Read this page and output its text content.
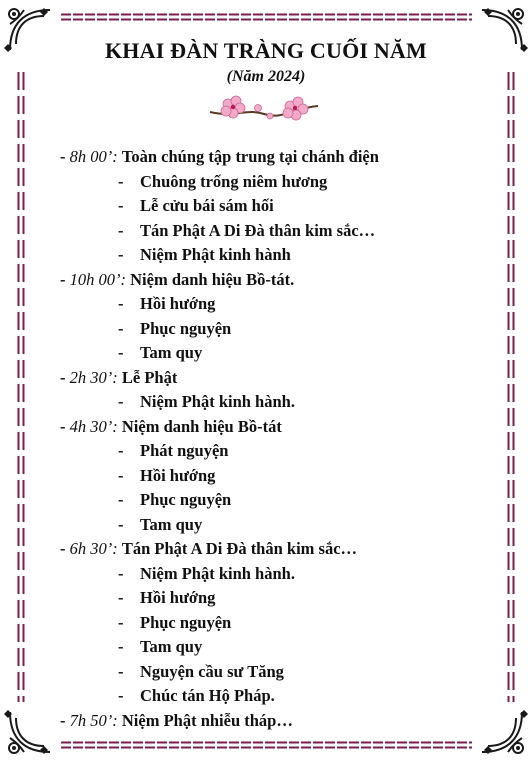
KHAI ĐÀN TRÀNG CUỐI NĂM
(Năm 2024)
- 8h 00’: Toàn chúng tập trung tại chánh điện
- Chuông trống niêm hương
- Lễ cửu bái sám hối
- Tán Phật A Di Đà thân kim sắc…
- Niệm Phật kinh hành
- 10h 00’: Niệm danh hiệu Bồ-tát.
- Hồi hướng
- Phục nguyện
- Tam quy
- 2h 30’: Lễ Phật
- Niệm Phật kinh hành.
- 4h 30’: Niệm danh hiệu Bồ-tát
- Phát nguyện
- Hồi hướng
- Phục nguyện
- Tam quy
- 6h 30’: Tán Phật A Di Đà thân kim sắc…
- Niệm Phật kinh hành.
- Hồi hướng
- Phục nguyện
- Tam quy
- Nguyện cầu sư Tăng
- Chúc tán Hộ Pháp.
- 7h 50’: Niệm Phật nhiễu tháp…
